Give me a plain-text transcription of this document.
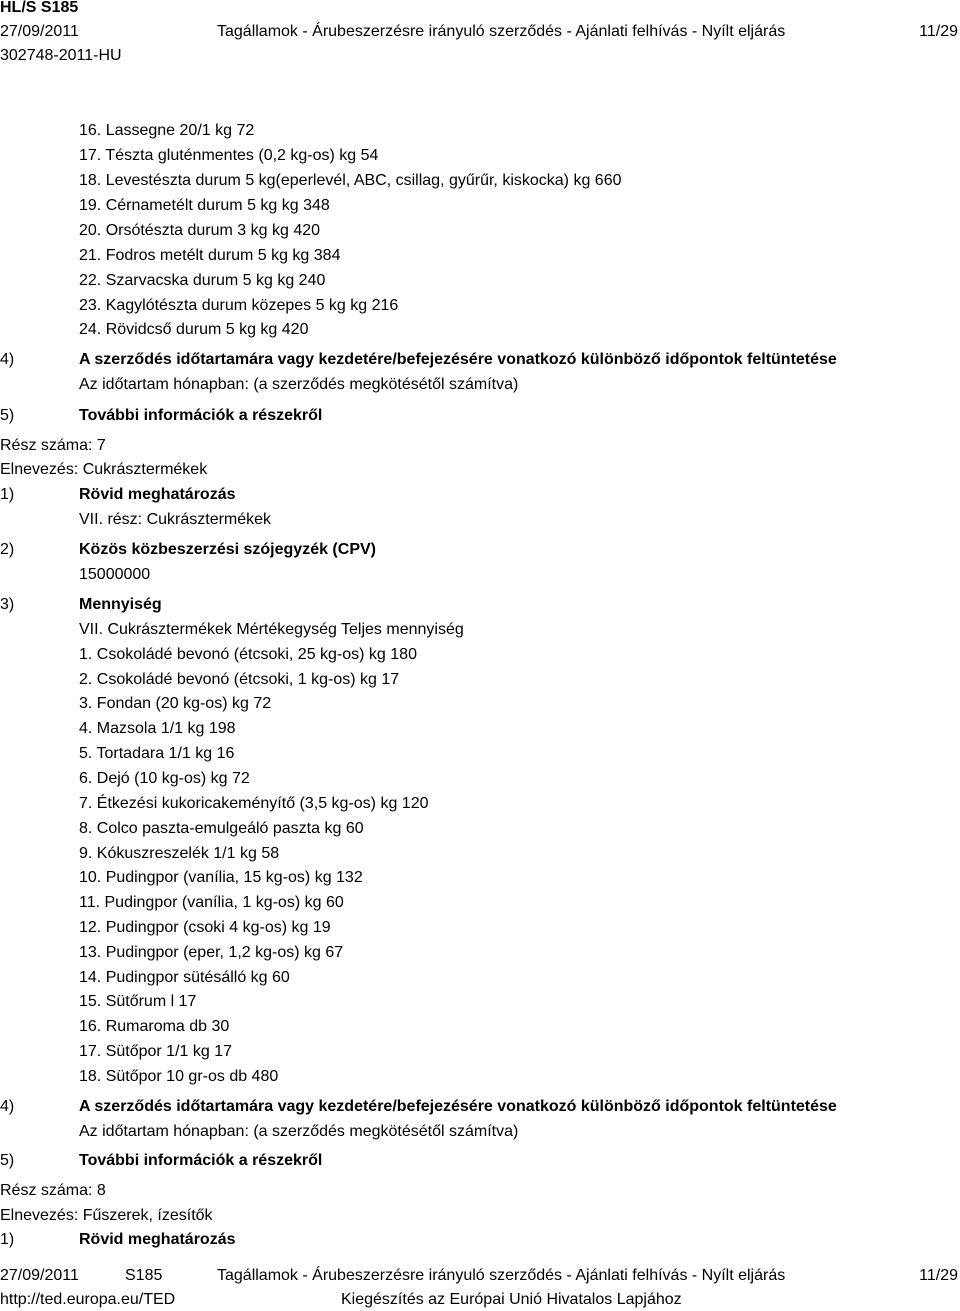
HL/S S185
27/09/2011	Tagállamok - Árubeszerzésre irányuló szerződés - Ajánlati felhívás - Nyílt eljárás	11/29
302748-2011-HU
16. Lassegne 20/1 kg 72
17. Tészta gluténmentes (0,2 kg-os) kg 54
18. Levestészta durum 5 kg(eperlevél, ABC, csillag, gyűrűr, kiskocka) kg 660
19. Cérnametélt durum 5 kg kg 348
20. Orsótészta durum 3 kg kg 420
21. Fodros metélt durum 5 kg kg 384
22. Szarvacska durum 5 kg kg 240
23. Kagylótészta durum közepes 5 kg kg 216
24. Rövidcső durum 5 kg kg 420
4)	A szerződés időtartamára vagy kezdetére/befejezésére vonatkozó különböző időpontok feltüntetése
Az időtartam hónapban: (a szerződés megkötésétől számítva)
5)	További információk a részekről
Rész száma: 7
Elnevezés: Cukrásztermékek
1)	Rövid meghatározás
VII. rész: Cukrásztermékek
2)	Közös közbeszerzési szójegyzék (CPV)
15000000
3)	Mennyiség
VII. Cukrásztermékek Mértékegység Teljes mennyiség
1. Csokoládé bevonó (étcsoki, 25 kg-os) kg 180
2. Csokoládé bevonó (étcsoki, 1 kg-os) kg 17
3. Fondan (20 kg-os) kg 72
4. Mazsola 1/1 kg 198
5. Tortadara 1/1 kg 16
6. Dejó (10 kg-os) kg 72
7. Étkezési kukoricakeményítő (3,5 kg-os) kg 120
8. Colco paszta-emulgeáló paszta kg 60
9. Kókuszreszelék 1/1 kg 58
10. Pudingpor (vanília, 15 kg-os) kg 132
11. Pudingpor (vanília, 1 kg-os) kg 60
12. Pudingpor (csoki 4 kg-os) kg 19
13. Pudingpor (eper, 1,2 kg-os) kg 67
14. Pudingpor sütésálló kg 60
15. Sütőrum l 17
16. Rumaroma db 30
17. Sütőpor 1/1 kg 17
18. Sütőpor 10 gr-os db 480
4)	A szerződés időtartamára vagy kezdetére/befejezésére vonatkozó különböző időpontok feltüntetése
Az időtartam hónapban: (a szerződés megkötésétől számítva)
5)	További információk a részekről
Rész száma: 8
Elnevezés: Fűszerek, ízesítők
1)	Rövid meghatározás
27/09/2011	S185	Tagállamok - Árubeszerzésre irányuló szerződés - Ajánlati felhívás - Nyílt eljárás	11/29
http://ted.europa.eu/TED	Kiegészítés az Európai Unió Hivatalos Lapjához
